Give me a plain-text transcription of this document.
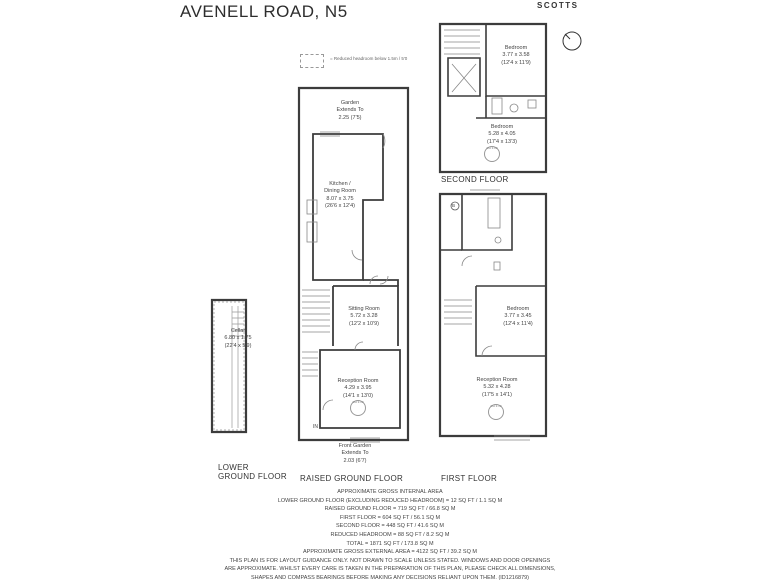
AVENELL ROAD, N5	SCOTTS
= Reduced headroom below 1.5m / 5'0
Cellar
6.80 x 1.75
(22'4 x 5'9)
Garden
Extends To
2.25 (7'5)
Kitchen /
Dining Room
8.07 x 3.75
(26'6 x 12'4)
Sitting Room
5.72 x 3.28
(12'2 x 10'9)
Reception Room
4.29 x 3.95
(14'1 x 13'0)
CH 3.10
IN
Front Garden
Extends To
2.03 (6'7)
Bedroom
3.77 x 3.58
(12'4 x 11'9)
Bedroom
5.28 x 4.05
(17'4 x 13'3)
CH 3.00
B
Bedroom
3.77 x 3.45
(12'4 x 11'4)
Reception Room
5.32 x 4.28
(17'5 x 14'1)
CH 3.10
LOWER
GROUND FLOOR RAISED GROUND FLOOR	FIRST FLOOR
SECOND FLOOR
APPROXIMATE GROSS INTERNAL AREA
LOWER GROUND FLOOR (EXCLUDING REDUCED HEADROOM) = 12 SQ FT / 1.1 SQ M
RAISED GROUND FLOOR = 719 SQ FT / 66.8 SQ M
FIRST FLOOR = 604 SQ FT / 56.1 SQ M
SECOND FLOOR = 448 SQ FT / 41.6 SQ M
REDUCED HEADROOM = 88 SQ FT / 8.2 SQ M
TOTAL = 1871 SQ FT / 173.8 SQ M
APPROXIMATE GROSS EXTERNAL AREA = 4122 SQ FT / 39.2 SQ M
THIS PLAN IS FOR LAYOUT GUIDANCE ONLY. NOT DRAWN TO SCALE UNLESS STATED. WINDOWS AND DOOR OPENINGS
ARE APPROXIMATE. WHILST EVERY CARE IS TAKEN IN THE PREPARATION OF THIS PLAN, PLEASE CHECK ALL DIMENSIONS,
SHAPES AND COMPASS BEARINGS BEFORE MAKING ANY DECISIONS RELIANT UPON THEM. (ID1216879)
